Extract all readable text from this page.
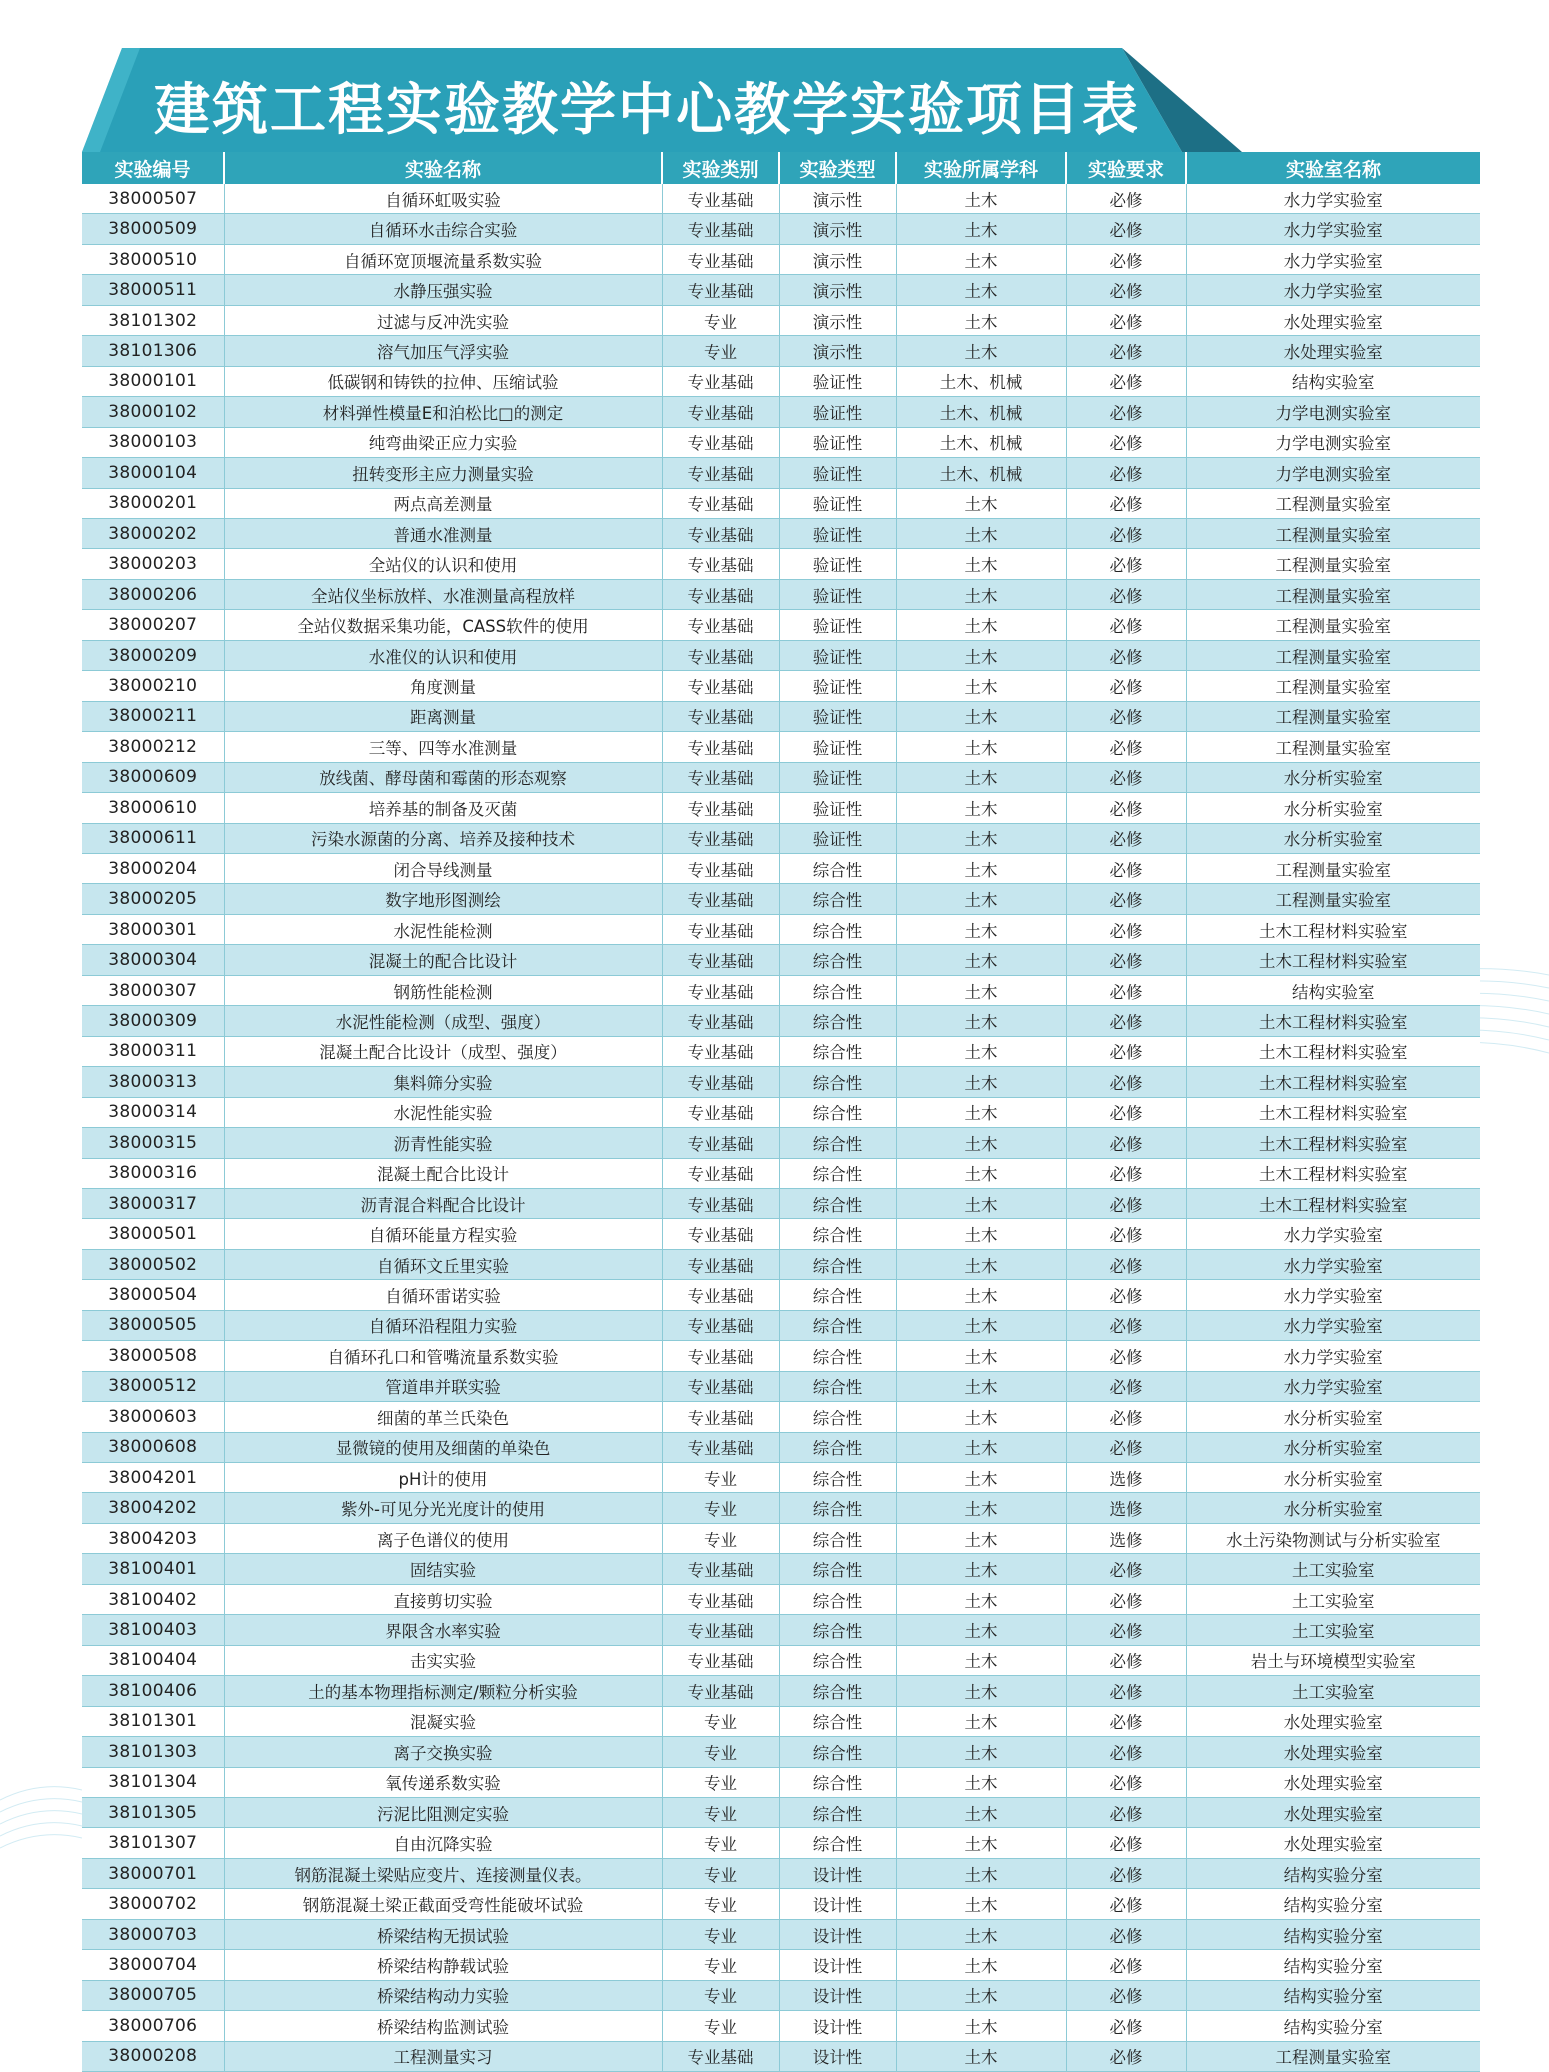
建筑工程实验教学中心教学实验项目表
实验编号	实验名称	实验类别	实验类型	实验所属学科	实验要求	实验室名称
38000507	自循环虹吸实验	专业基础	演示性	土木	必修	水力学实验室
38000509	自循环水击综合实验	专业基础	演示性	土木	必修	水力学实验室
38000510	自循环宽顶堰流量系数实验	专业基础	演示性	土木	必修	水力学实验室
38000511	水静压强实验	专业基础	演示性	土木	必修	水力学实验室
38101302	过滤与反冲洗实验	专业	演示性	土木	必修	水处理实验室
38101306	溶气加压气浮实验	专业	演示性	土木	必修	水处理实验室
38000101	低碳钢和铸铁的拉伸、压缩试验	专业基础	验证性	土木、机械	必修	结构实验室
38000102	材料弹性模量E和泊松比□的测定	专业基础	验证性	土木、机械	必修	力学电测实验室
38000103	纯弯曲梁正应力实验	专业基础	验证性	土木、机械	必修	力学电测实验室
38000104	扭转变形主应力测量实验	专业基础	验证性	土木、机械	必修	力学电测实验室
38000201	两点高差测量	专业基础	验证性	土木	必修	工程测量实验室
38000202	普通水准测量	专业基础	验证性	土木	必修	工程测量实验室
38000203	全站仪的认识和使用	专业基础	验证性	土木	必修	工程测量实验室
38000206	全站仪坐标放样、水准测量高程放样	专业基础	验证性	土木	必修	工程测量实验室
38000207	全站仪数据采集功能，CASS软件的使用	专业基础	验证性	土木	必修	工程测量实验室
38000209	水准仪的认识和使用	专业基础	验证性	土木	必修	工程测量实验室
38000210	角度测量	专业基础	验证性	土木	必修	工程测量实验室
38000211	距离测量	专业基础	验证性	土木	必修	工程测量实验室
38000212	三等、四等水准测量	专业基础	验证性	土木	必修	工程测量实验室
38000609	放线菌、酵母菌和霉菌的形态观察	专业基础	验证性	土木	必修	水分析实验室
38000610	培养基的制备及灭菌	专业基础	验证性	土木	必修	水分析实验室
38000611	污染水源菌的分离、培养及接种技术	专业基础	验证性	土木	必修	水分析实验室
38000204	闭合导线测量	专业基础	综合性	土木	必修	工程测量实验室
38000205	数字地形图测绘	专业基础	综合性	土木	必修	工程测量实验室
38000301	水泥性能检测	专业基础	综合性	土木	必修	土木工程材料实验室
38000304	混凝土的配合比设计	专业基础	综合性	土木	必修	土木工程材料实验室
38000307	钢筋性能检测	专业基础	综合性	土木	必修	结构实验室
38000309	水泥性能检测（成型、强度）	专业基础	综合性	土木	必修	土木工程材料实验室
38000311	混凝土配合比设计（成型、强度）	专业基础	综合性	土木	必修	土木工程材料实验室
38000313	集料筛分实验	专业基础	综合性	土木	必修	土木工程材料实验室
38000314	水泥性能实验	专业基础	综合性	土木	必修	土木工程材料实验室
38000315	沥青性能实验	专业基础	综合性	土木	必修	土木工程材料实验室
38000316	混凝土配合比设计	专业基础	综合性	土木	必修	土木工程材料实验室
38000317	沥青混合料配合比设计	专业基础	综合性	土木	必修	土木工程材料实验室
38000501	自循环能量方程实验	专业基础	综合性	土木	必修	水力学实验室
38000502	自循环文丘里实验	专业基础	综合性	土木	必修	水力学实验室
38000504	自循环雷诺实验	专业基础	综合性	土木	必修	水力学实验室
38000505	自循环沿程阻力实验	专业基础	综合性	土木	必修	水力学实验室
38000508	自循环孔口和管嘴流量系数实验	专业基础	综合性	土木	必修	水力学实验室
38000512	管道串并联实验	专业基础	综合性	土木	必修	水力学实验室
38000603	细菌的革兰氏染色	专业基础	综合性	土木	必修	水分析实验室
38000608	显微镜的使用及细菌的单染色	专业基础	综合性	土木	必修	水分析实验室
38004201	pH计的使用	专业	综合性	土木	选修	水分析实验室
38004202	紫外-可见分光光度计的使用	专业	综合性	土木	选修	水分析实验室
38004203	离子色谱仪的使用	专业	综合性	土木	选修	水土污染物测试与分析实验室
38100401	固结实验	专业基础	综合性	土木	必修	土工实验室
38100402	直接剪切实验	专业基础	综合性	土木	必修	土工实验室
38100403	界限含水率实验	专业基础	综合性	土木	必修	土工实验室
38100404	击实实验	专业基础	综合性	土木	必修	岩土与环境模型实验室
38100406	土的基本物理指标测定/颗粒分析实验	专业基础	综合性	土木	必修	土工实验室
38101301	混凝实验	专业	综合性	土木	必修	水处理实验室
38101303	离子交换实验	专业	综合性	土木	必修	水处理实验室
38101304	氧传递系数实验	专业	综合性	土木	必修	水处理实验室
38101305	污泥比阻测定实验	专业	综合性	土木	必修	水处理实验室
38101307	自由沉降实验	专业	综合性	土木	必修	水处理实验室
38000701	钢筋混凝土梁贴应变片、连接测量仪表。	专业	设计性	土木	必修	结构实验分室
38000702	钢筋混凝土梁正截面受弯性能破坏试验	专业	设计性	土木	必修	结构实验分室
38000703	桥梁结构无损试验	专业	设计性	土木	必修	结构实验分室
38000704	桥梁结构静载试验	专业	设计性	土木	必修	结构实验分室
38000705	桥梁结构动力实验	专业	设计性	土木	必修	结构实验分室
38000706	桥梁结构监测试验	专业	设计性	土木	必修	结构实验分室
38000208	工程测量实习	专业基础	设计性	土木	必修	工程测量实验室
